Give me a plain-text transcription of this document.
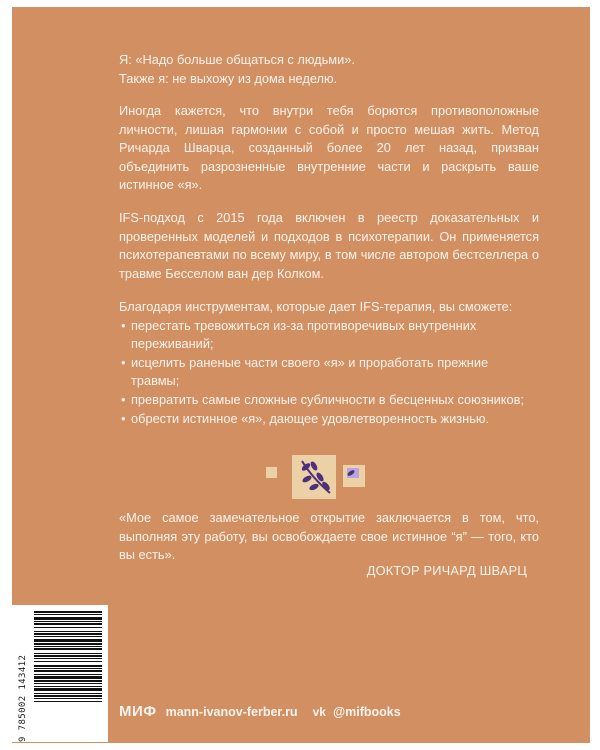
Я: «Надо больше общаться с людьми».

Также я: не выхожу из дома неделю.

Иногда кажется, что внутри тебя борются противоположные личности, лишая гармонии с собой и просто мешая жить. Метод Ричарда Шварца, созданный более 20 лет назад, призван объединить разрозненные внутренние части и раскрыть ваше истинное «я».

IFS-подход с 2015 года включен в реестр доказательных и проверенных моделей и подходов в психотерапии. Он применяется психотерапевтами по всему миру, в том числе автором бестселлера о травме Бесселом ван дер Колком.

Благодаря инструментам, которые дает IFS-терапия, вы сможете:

• перестать тревожиться из-за противоречивых внутренних переживаний;
• исцелить раненые части своего «я» и проработать прежние травмы;
• превратить самые сложные субличности в бесценных союзников;
• обрести истинное «я», дающее удовлетворенность жизнью.

«Мое самое замечательное открытие заключается в том, что, выполняя эту работу, вы освобождаете свое истинное “я” — того, кто вы есть».

ДОКТОР РИЧАРД ШВАРЦ
9 785002 143412	МИФ mann-ivanov-ferber.ru vk @mifbooks
